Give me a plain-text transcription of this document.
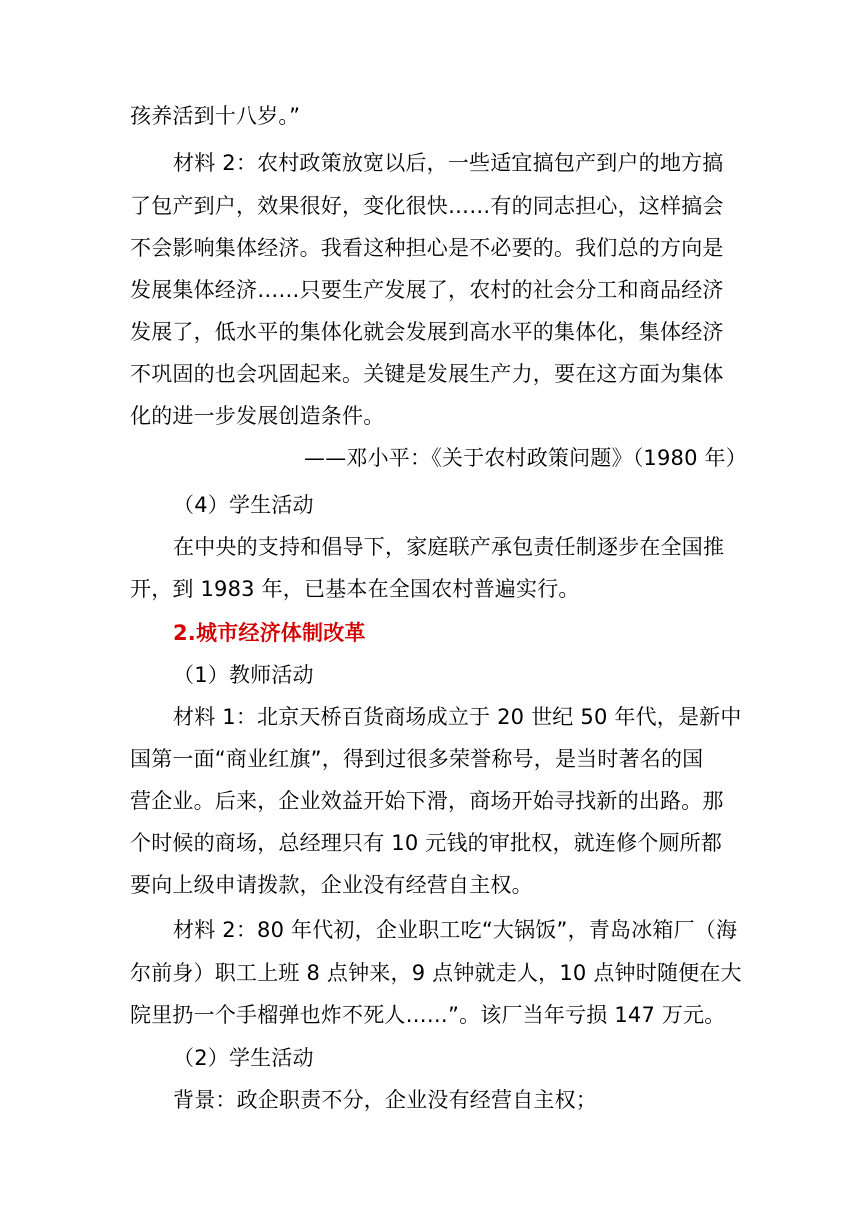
孩养活到十八岁。”
材料 2：农村政策放宽以后，一些适宜搞包产到户的地方搞
了包产到户，效果很好，变化很快……有的同志担心，这样搞会
不会影响集体经济。我看这种担心是不必要的。我们总的方向是
发展集体经济……只要生产发展了，农村的社会分工和商品经济
发展了，低水平的集体化就会发展到高水平的集体化，集体经济
不巩固的也会巩固起来。关键是发展生产力，要在这方面为集体
化的进一步发展创造条件。
——邓小平：《关于农村政策问题》（1980 年）
（4）学生活动
在中央的支持和倡导下，家庭联产承包责任制逐步在全国推
开，到 1983 年，已基本在全国农村普遍实行。
2.城市经济体制改革
（1）教师活动
材料 1：北京天桥百货商场成立于 20 世纪 50 年代，是新中
国第一面“商业红旗”，得到过很多荣誉称号，是当时著名的国
营企业。后来，企业效益开始下滑，商场开始寻找新的出路。那
个时候的商场，总经理只有 10 元钱的审批权，就连修个厕所都
要向上级申请拨款，企业没有经营自主权。
材料 2：80 年代初，企业职工吃“大锅饭”，青岛冰箱厂（海
尔前身）职工上班 8 点钟来，9 点钟就走人，10 点钟时随便在大
院里扔一个手榴弹也炸不死人……”。该厂当年亏损 147 万元。
（2）学生活动
背景：政企职责不分，企业没有经营自主权；
